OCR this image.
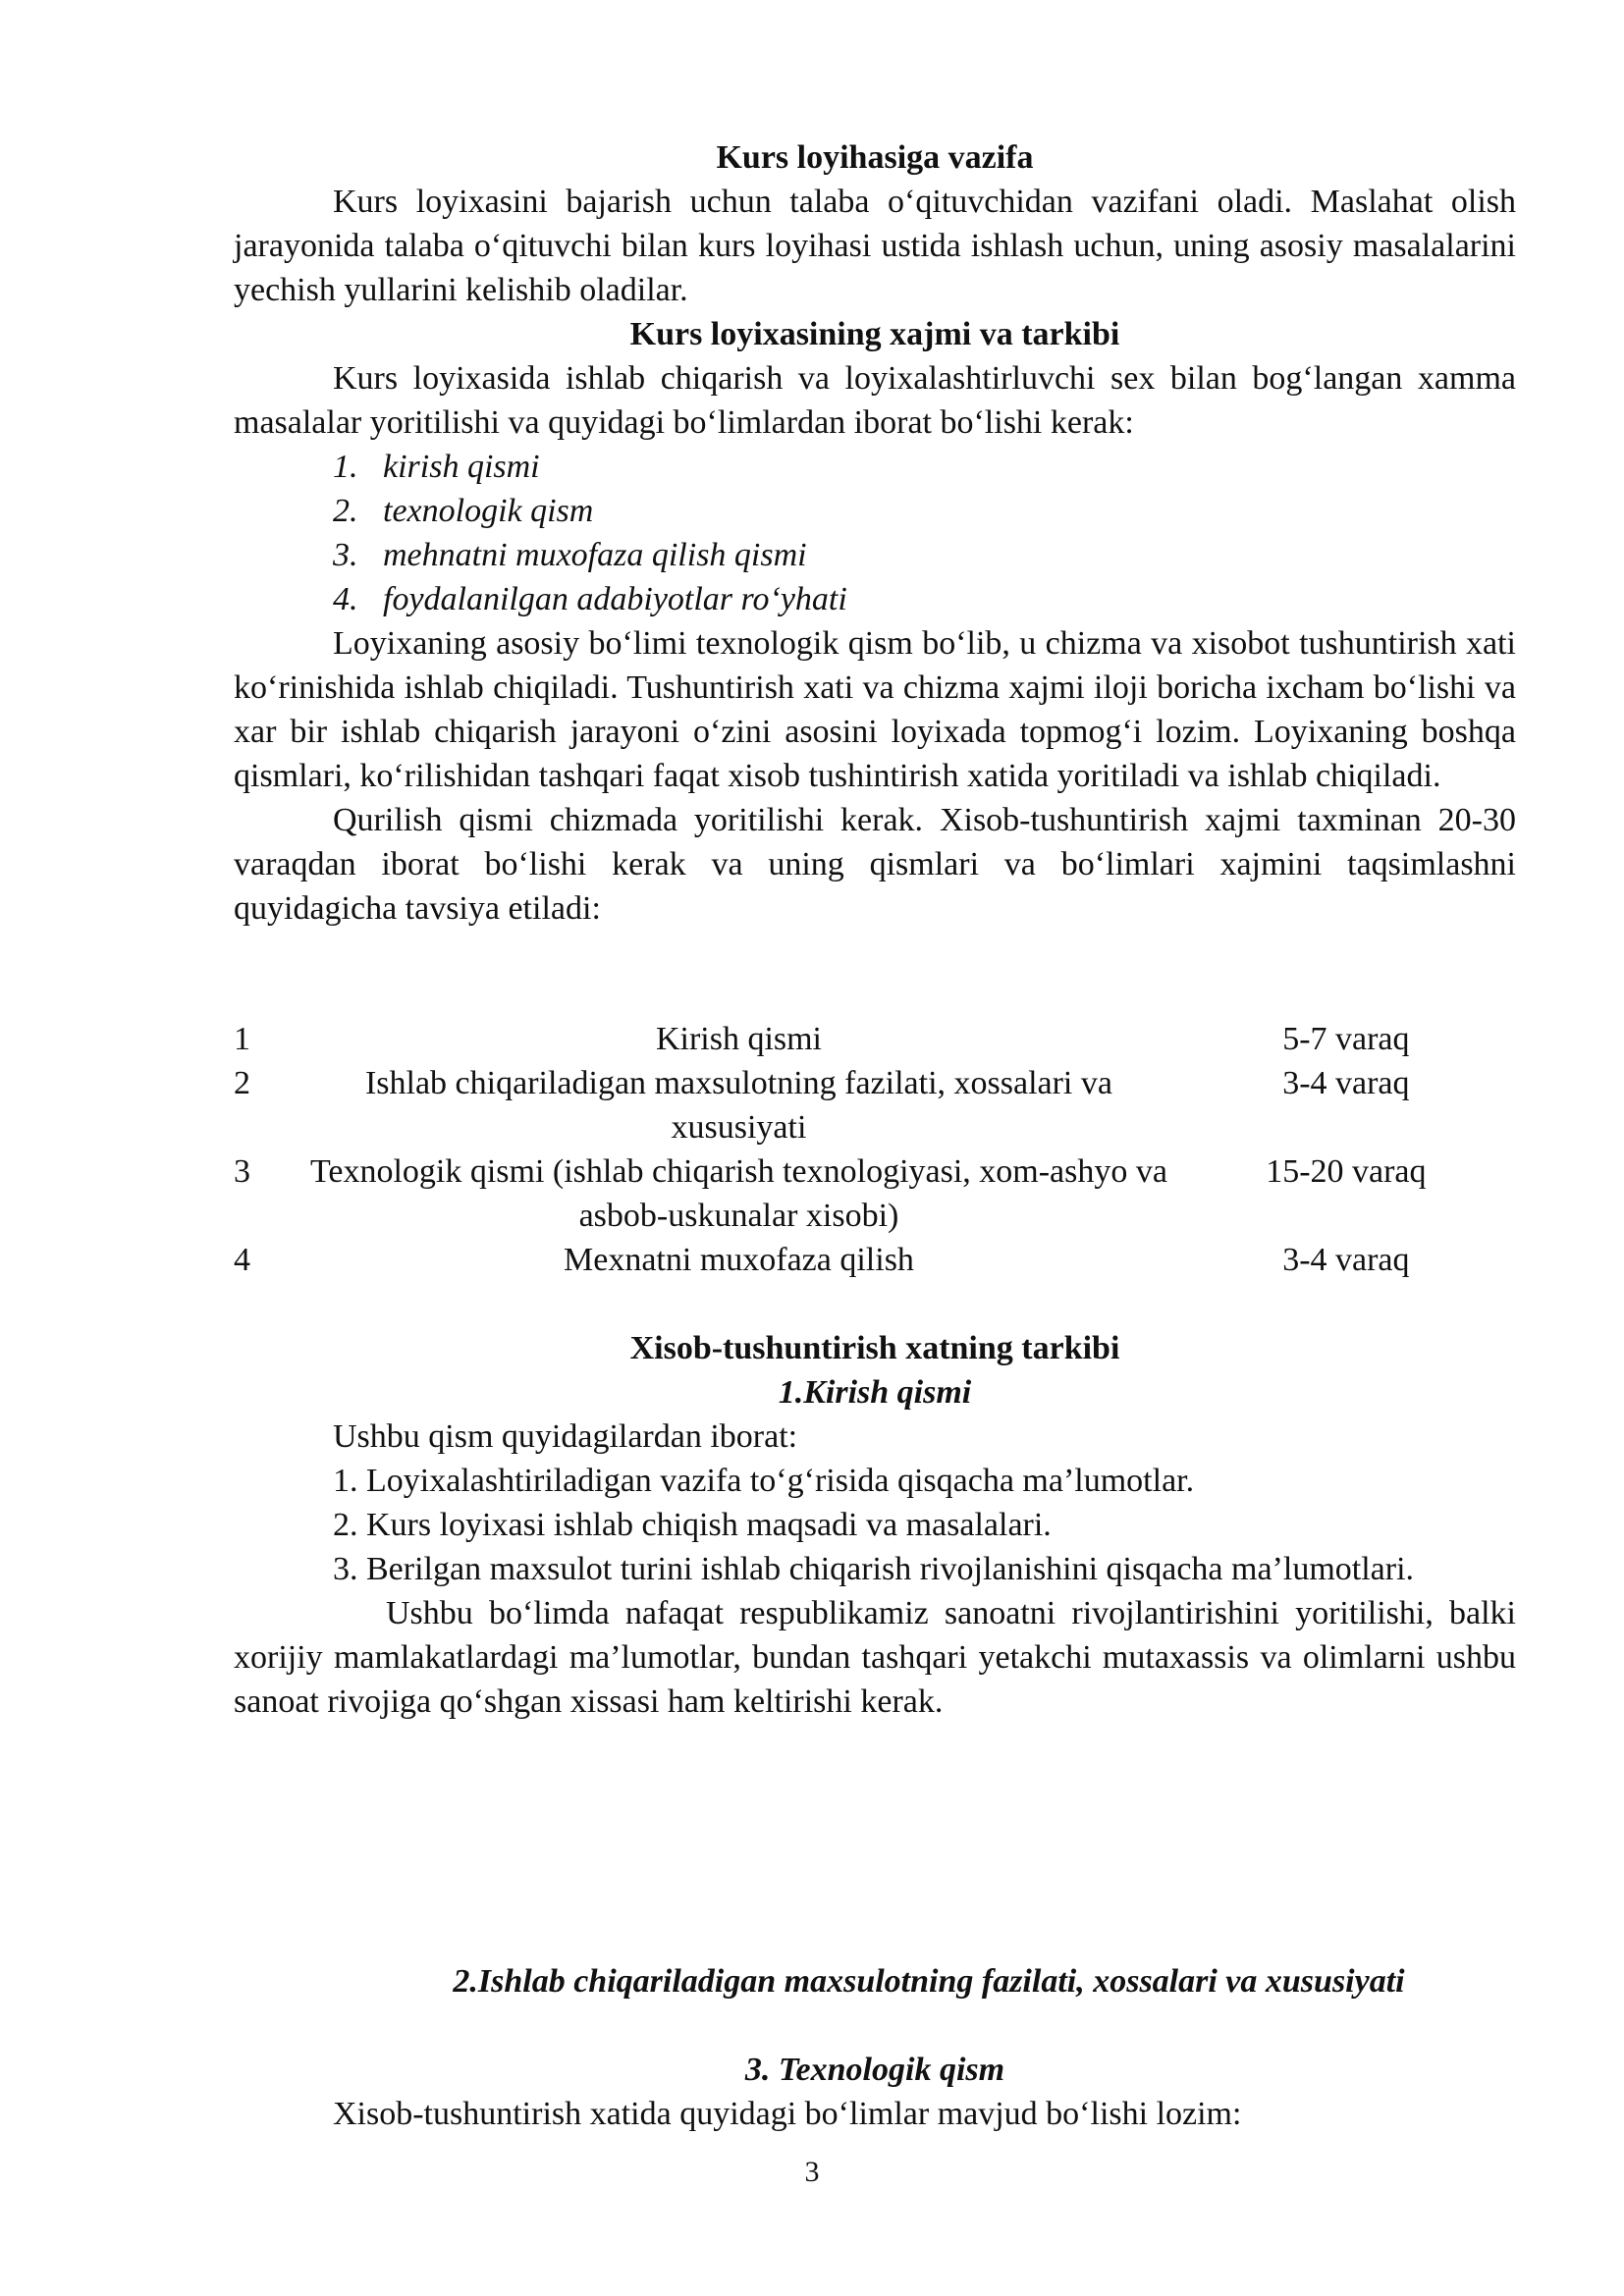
Kurs loyihasiga vazifa

Kurs loyixasini bajarish uchun talaba o‘qituvchidan vazifani oladi. Maslahat olish jarayonida talaba o‘qituvchi bilan kurs loyihasi ustida ishlash uchun, uning asosiy masalalarini yechish yullarini kelishib oladilar.

Kurs loyixasining xajmi va tarkibi

Kurs loyixasida ishlab chiqarish va loyixalashtirluvchi sex bilan bog‘langan xamma masalalar yoritilishi va quyidagi bo‘limlardan iborat bo‘lishi kerak:

1. kirish qismi
2. texnologik qism
3. mehnatni muxofaza qilish qismi
4. foydalanilgan adabiyotlar ro‘yhati

Loyixaning asosiy bo‘limi texnologik qism bo‘lib, u chizma va xisobot tushuntirish xati ko‘rinishida ishlab chiqiladi. Tushuntirish xati va chizma xajmi iloji boricha ixcham bo‘lishi va xar bir ishlab chiqarish jarayoni o‘zini asosini loyixada topmog‘i lozim. Loyixaning boshqa qismlari, ko‘rilishidan tashqari faqat xisob tushintirish xatida yoritiladi va ishlab chiqiladi.

Qurilish qismi chizmada yoritilishi kerak. Xisob-tushuntirish xajmi taxminan 20-30 varaqdan iborat bo‘lishi kerak va uning qismlari va bo‘limlari xajmini taqsimlashni quyidagicha tavsiya etiladi:

1	Kirish qismi	5-7 varaq
2	Ishlab chiqariladigan maxsulotning fazilati, xossalari va xususiyati	3-4 varaq
3	Texnologik qismi (ishlab chiqarish texnologiyasi, xom-ashyo va asbob-uskunalar xisobi)	15-20 varaq
4	Mexnatni muxofaza qilish	3-4 varaq
Xisob-tushuntirish xatning tarkibi
1.Kirish qismi
Ushbu qism quyidagilardan iborat:
1. Loyixalashtiriladigan vazifa to‘g‘risida qisqacha ma’lumotlar.
2. Kurs loyixasi ishlab chiqish maqsadi va masalalari.

3. Berilgan maxsulot turini ishlab chiqarish rivojlanishini qisqacha ma’lumotlari.

Ushbu bo‘limda nafaqat respublikamiz sanoatni rivojlantirishini yoritilishi, balki xorijiy mamlakatlardagi ma’lumotlar, bundan tashqari yetakchi mutaxassis va olimlarni ushbu sanoat rivojiga qo‘shgan xissasi ham keltirishi kerak.

2.Ishlab chiqariladigan maxsulotning fazilati, xossalari va xususiyati
3. Texnologik qism
Xisob-tushuntirish xatida quyidagi bo‘limlar mavjud bo‘lishi lozim:
3
